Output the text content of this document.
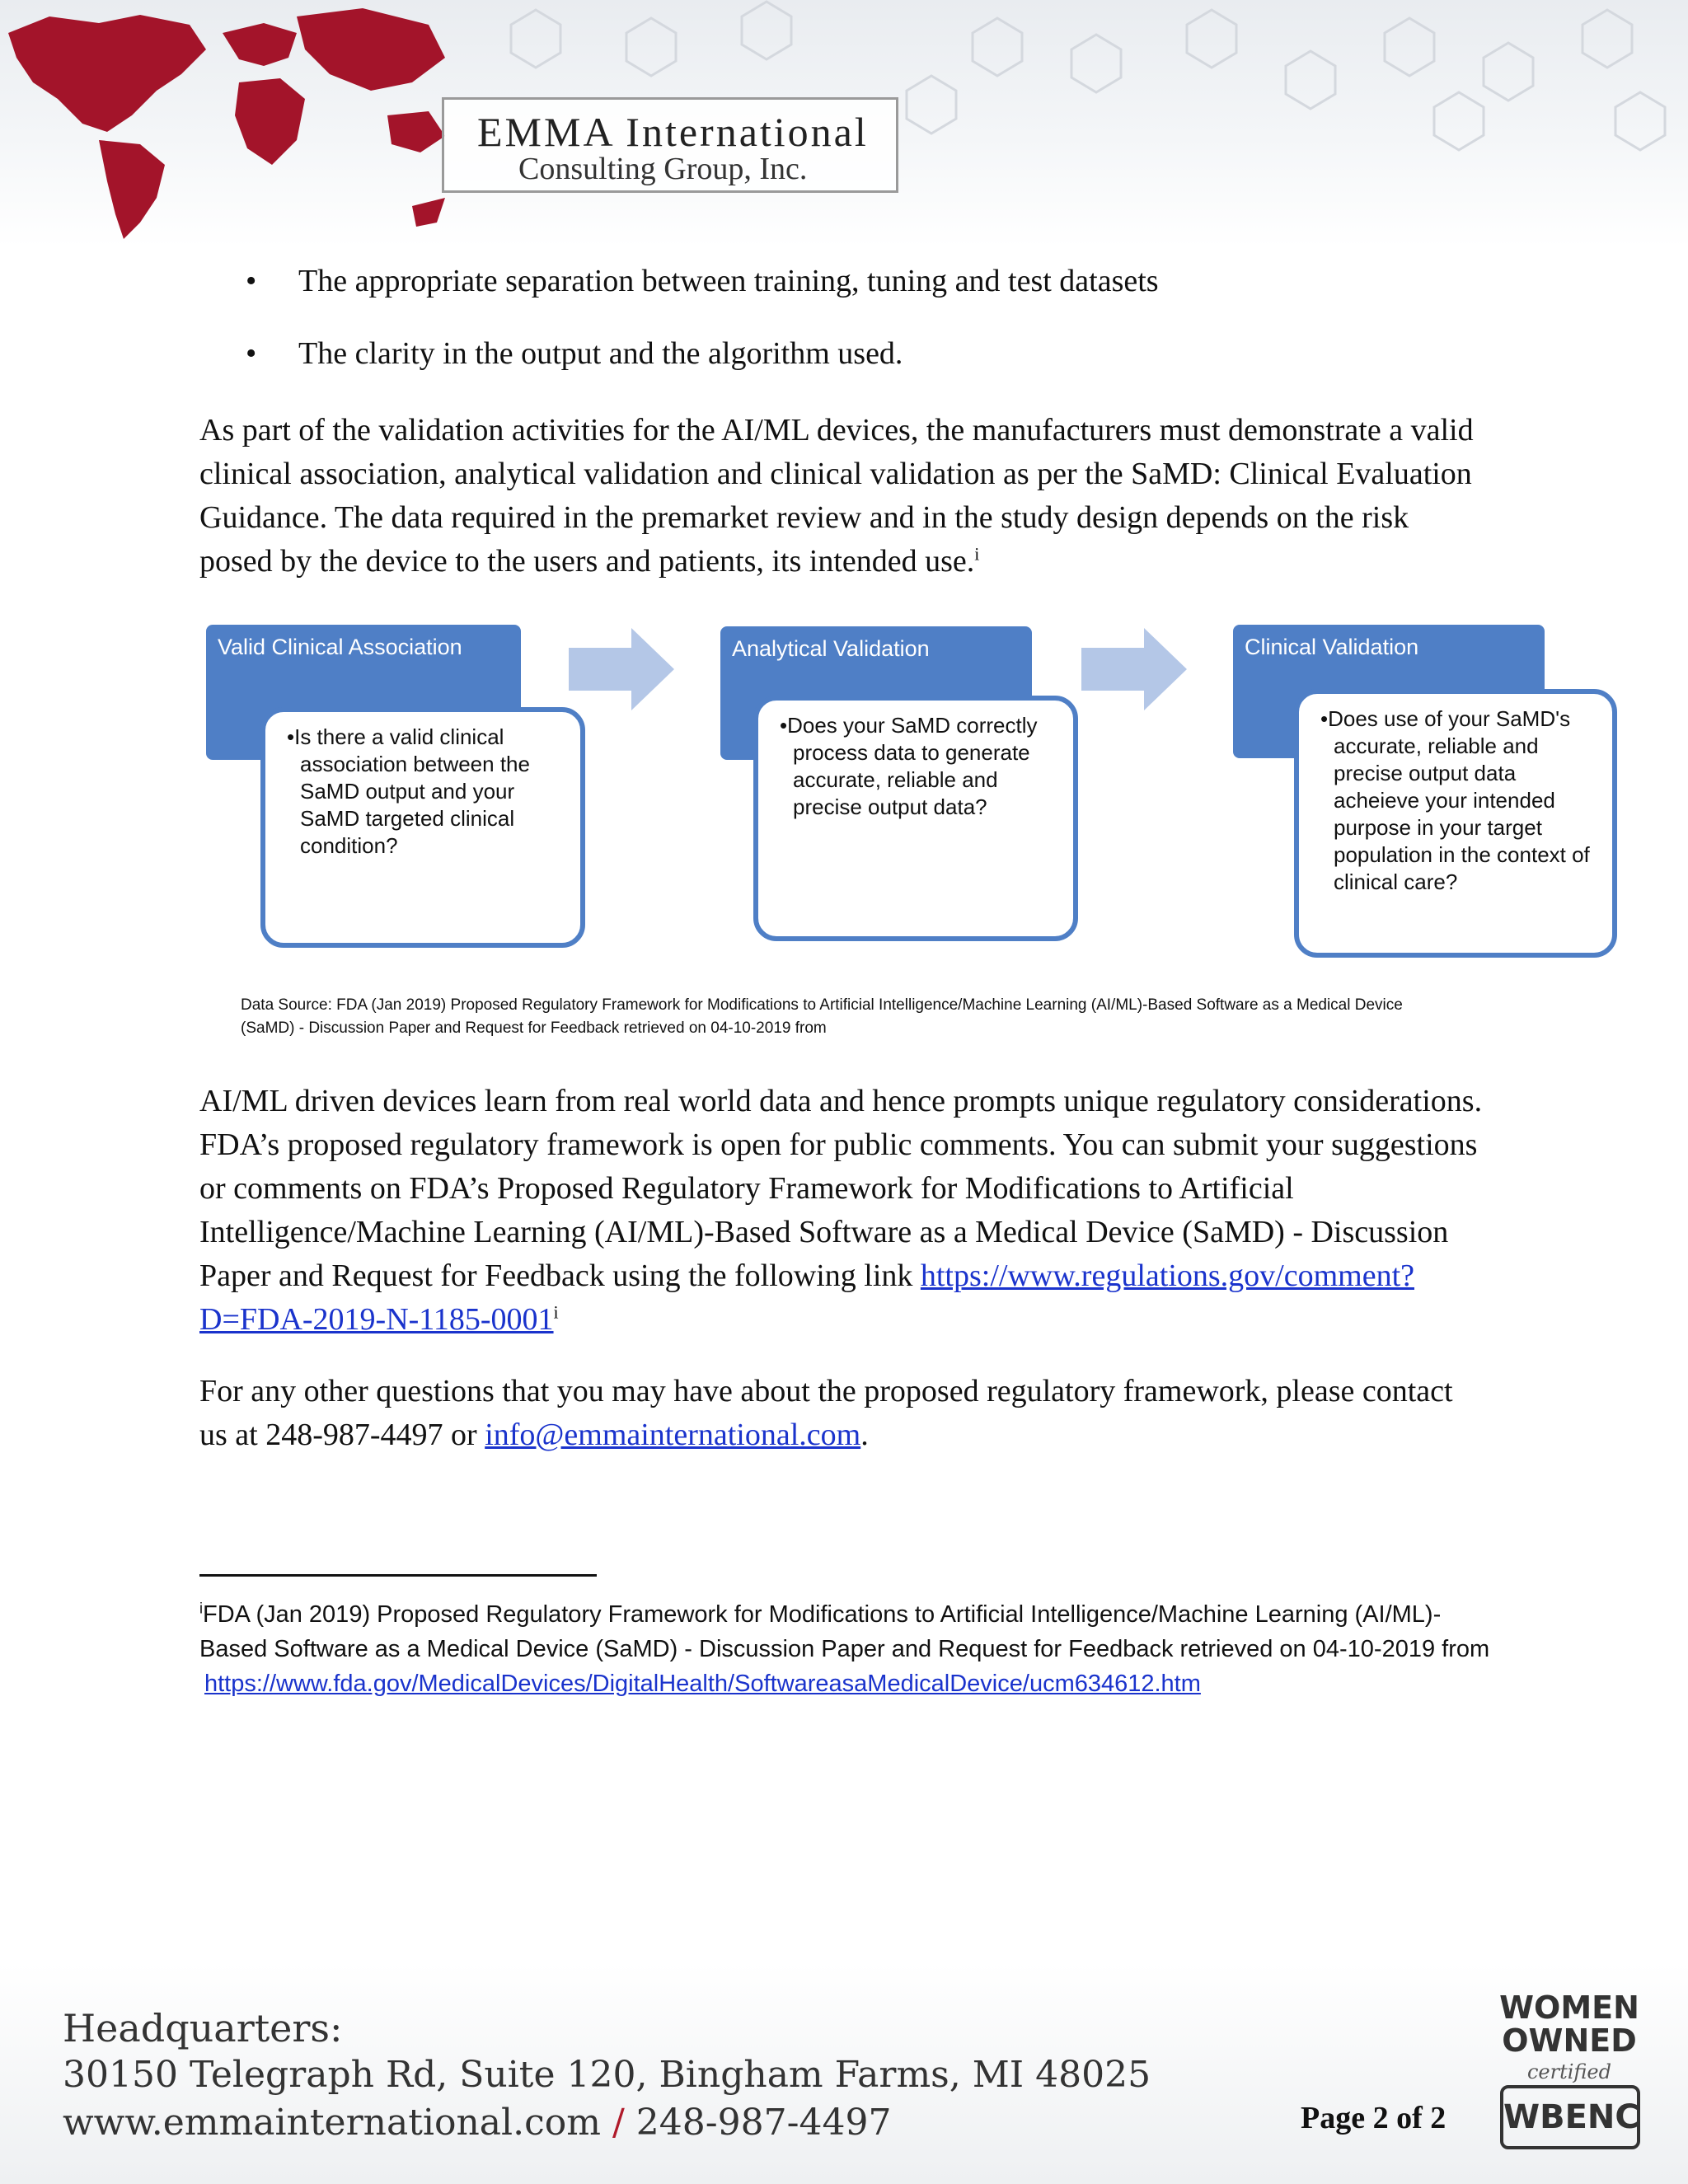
EMMA International
Consulting Group, Inc.
• The appropriate separation between training, tuning and test datasets
• The clarity in the output and the algorithm used.

As part of the validation activities for the AI/ML devices, the manufacturers must demonstrate a valid clinical association, analytical validation and clinical validation as per the SaMD: Clinical Evaluation Guidance. The data required in the premarket review and in the study design depends on the risk posed by the device to the users and patients, its intended use.$^i$

Valid Clinical Association
•Is there a valid clinical association between the SaMD output and your SaMD targeted clinical condition?
Analytical Validation
•Does your SaMD correctly process data to generate accurate, reliable and precise output data?
Clinical Validation
•Does use of your SaMD's accurate, reliable and precise output data acheieve your intended purpose in your target population in the context of clinical care?
Data Source: FDA (Jan 2019) Proposed Regulatory Framework for Modifications to Artificial Intelligence/Machine Learning (AI/ML)-Based Software as a Medical Device (SaMD) - Discussion Paper and Request for Feedback retrieved on 04-10-2019 from

AI/ML driven devices learn from real world data and hence prompts unique regulatory considerations. FDA’s proposed regulatory framework is open for public comments. You can submit your suggestions or comments on FDA’s Proposed Regulatory Framework for Modifications to Artificial Intelligence/Machine Learning (AI/ML)-Based Software as a Medical Device (SaMD) - Discussion Paper and Request for Feedback using the following link $https://www.regulations.gov/comment?D=FDA-2019-N-1185-0001^i$

For any other questions that you may have about the proposed regulatory framework, please contact us at 248-987-4497 or info@emmainternational.com.

$^i$FDA (Jan 2019) Proposed Regulatory Framework for Modifications to Artificial Intelligence/Machine Learning (AI/ML)-Based Software as a Medical Device (SaMD) - Discussion Paper and Request for Feedback retrieved on 04-10-2019 from
https://www.fda.gov/MedicalDevices/DigitalHealth/SoftwareasaMedicalDevice/ucm634612.htm
Headquarters:
30150 Telegraph Rd, Suite 120, Bingham Farms, MI 48025
www.emmainternational.com / 248-987-4497	Page 2 of 2
WOMEN
OWNED
certified
WBENC
